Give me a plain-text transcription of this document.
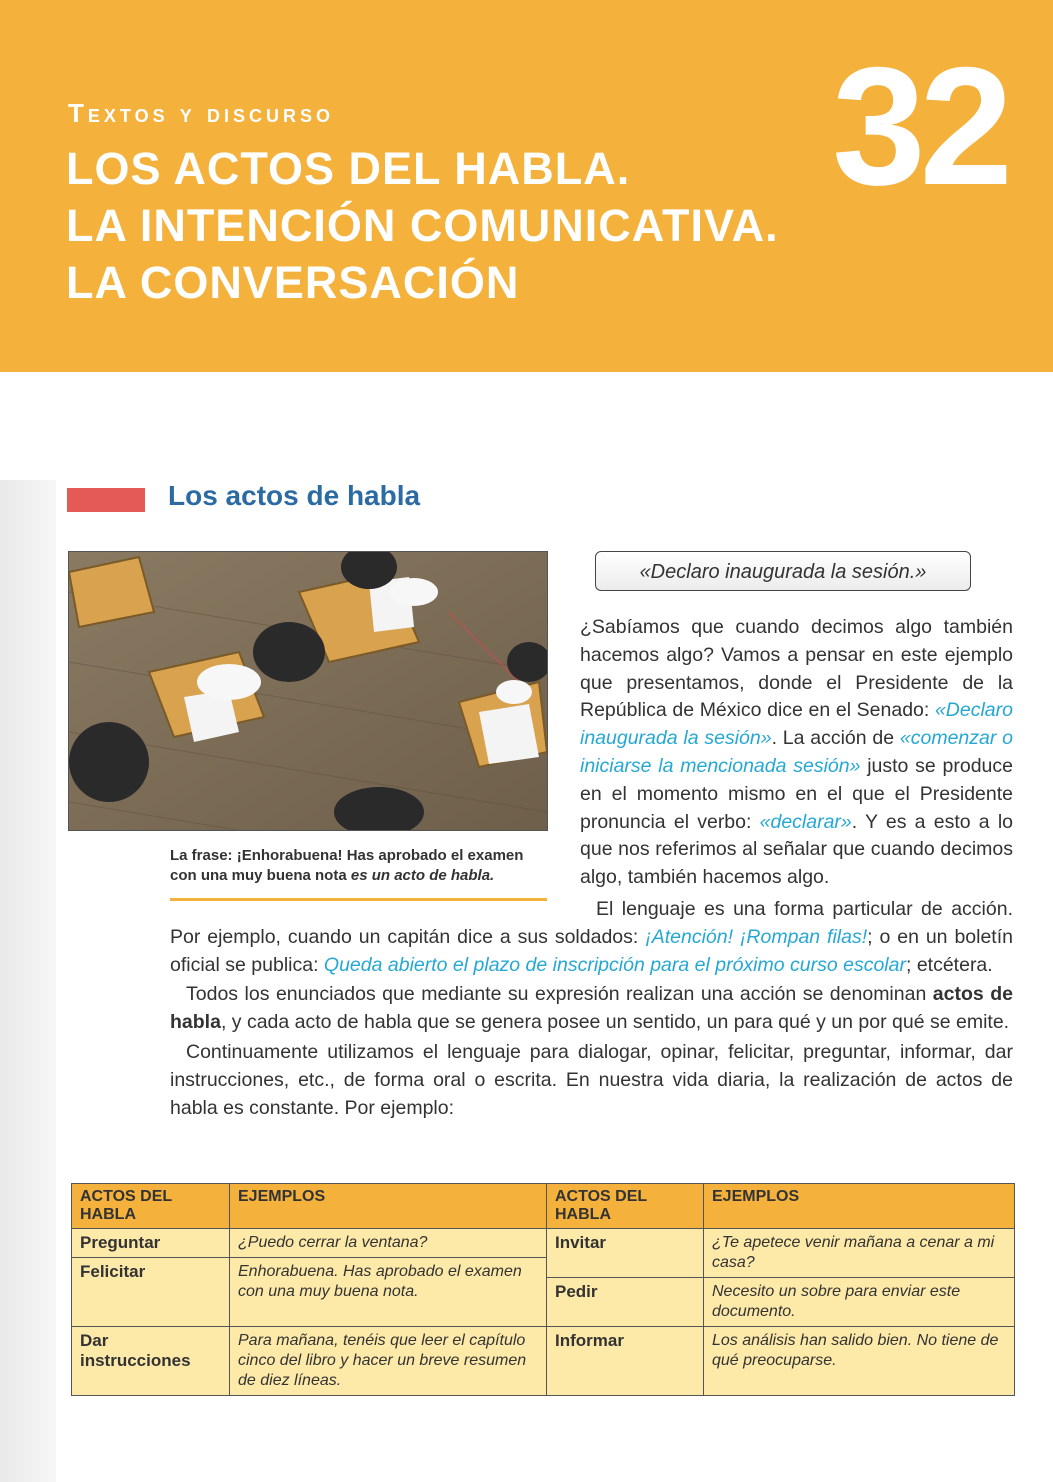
Textos y discurso
LOS ACTOS DEL HABLA.
LA INTENCIÓN COMUNICATIVA.
LA CONVERSACIÓN
32
Los actos de habla
La frase: ¡Enhorabuena! Has aprobado el examen con una muy buena nota es un acto de habla.
«Declaro inaugurada la sesión.»

¿Sabíamos que cuando decimos algo también hacemos algo? Vamos a pensar en este ejemplo que presentamos, donde el Presidente de la República de México dice en el Senado: «Declaro inaugurada la sesión». La acción de «comenzar o iniciarse la mencionada sesión» justo se produce en el momento mismo en el que el Presidente pronuncia el verbo: «declarar». Y es a esto a lo que nos referimos al señalar que cuando decimos algo, también hacemos algo.

El lenguaje es una forma particular de acción. Por ejemplo, cuando un capitán dice a sus soldados: ¡Atención! ¡Rompan filas!; o en un boletín oficial se publica: Queda abierto el plazo de inscripción para el próximo curso escolar; etcétera.

Todos los enunciados que mediante su expresión realizan una acción se denominan actos de habla, y cada acto de habla que se genera posee un sentido, un para qué y un por qué se emite.

Continuamente utilizamos el lenguaje para dialogar, opinar, felicitar, preguntar, informar, dar instrucciones, etc., de forma oral o escrita. En nuestra vida diaria, la realización de actos de habla es constante. Por ejemplo:

ACTOS DEL HABLA	EJEMPLOS	ACTOS DEL HABLA	EJEMPLOS
Preguntar	¿Puedo cerrar la ventana?	Invitar	¿Te apetece venir mañana a cenar a mi casa?
Felicitar	Enhorabuena. Has aprobado el examen con una muy buena nota.		
		Pedir	Necesito un sobre para enviar este documento.
Dar instrucciones	Para mañana, tenéis que leer el capítulo cinco del libro y hacer un breve resumen de diez líneas.	Informar	Los análisis han salido bien. No tiene de qué preocuparse.
